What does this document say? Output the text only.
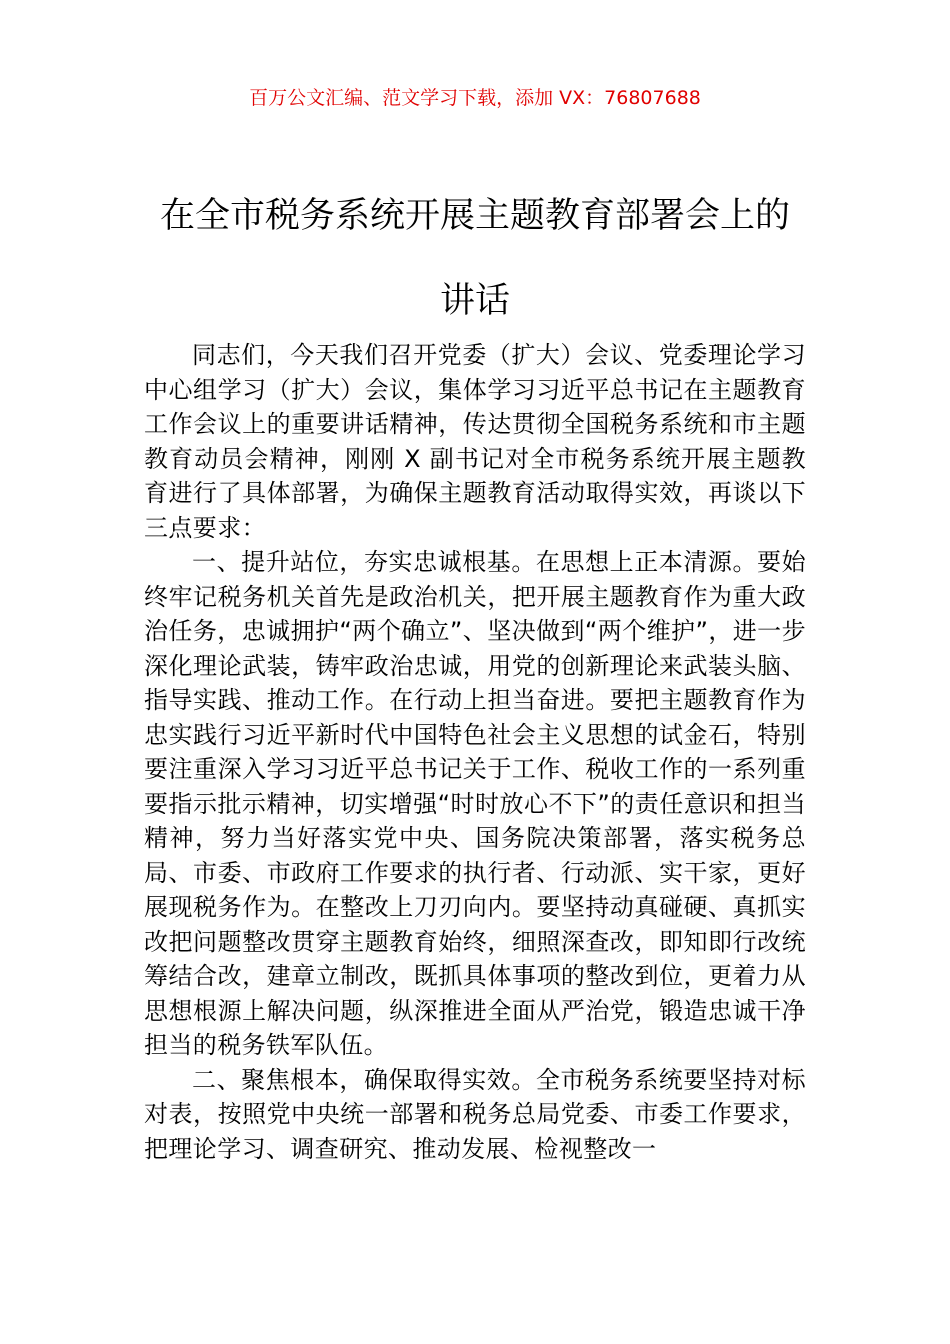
百万公文汇编、范文学习下载，添加 VX：76807688
在全市税务系统开展主题教育部署会上的
讲话

同志们，今天我们召开党委（扩大）会议、党委理论学习中心组学习（扩大）会议，集体学习习近平总书记在主题教育工作会议上的重要讲话精神，传达贯彻全国税务系统和市主题教育动员会精神，刚刚 X 副书记对全市税务系统开展主题教育进行了具体部署，为确保主题教育活动取得实效，再谈以下三点要求：

一、提升站位，夯实忠诚根基。在思想上正本清源。要始终牢记税务机关首先是政治机关，把开展主题教育作为重大政治任务，忠诚拥护“两个确立”、坚决做到“两个维护”，进一步深化理论武装，铸牢政治忠诚，用党的创新理论来武装头脑、指导实践、推动工作。在行动上担当奋进。要把主题教育作为忠实践行习近平新时代中国特色社会主义思想的试金石，特别要注重深入学习习近平总书记关于工作、税收工作的一系列重要指示批示精神，切实增强“时时放心不下”的责任意识和担当精神，努力当好落实党中央、国务院决策部署，落实税务总局、市委、市政府工作要求的执行者、行动派、实干家，更好展现税务作为。在整改上刀刃向内。要坚持动真碰硬、真抓实改把问题整改贯穿主题教育始终，细照深查改，即知即行改统筹结合改，建章立制改，既抓具体事项的整改到位，更着力从思想根源上解决问题，纵深推进全面从严治党，锻造忠诚干净担当的税务铁军队伍。

二、聚焦根本，确保取得实效。全市税务系统要坚持对标对表，按照党中央统一部署和税务总局党委、市委工作要求，把理论学习、调查研究、推动发展、检视整改一
